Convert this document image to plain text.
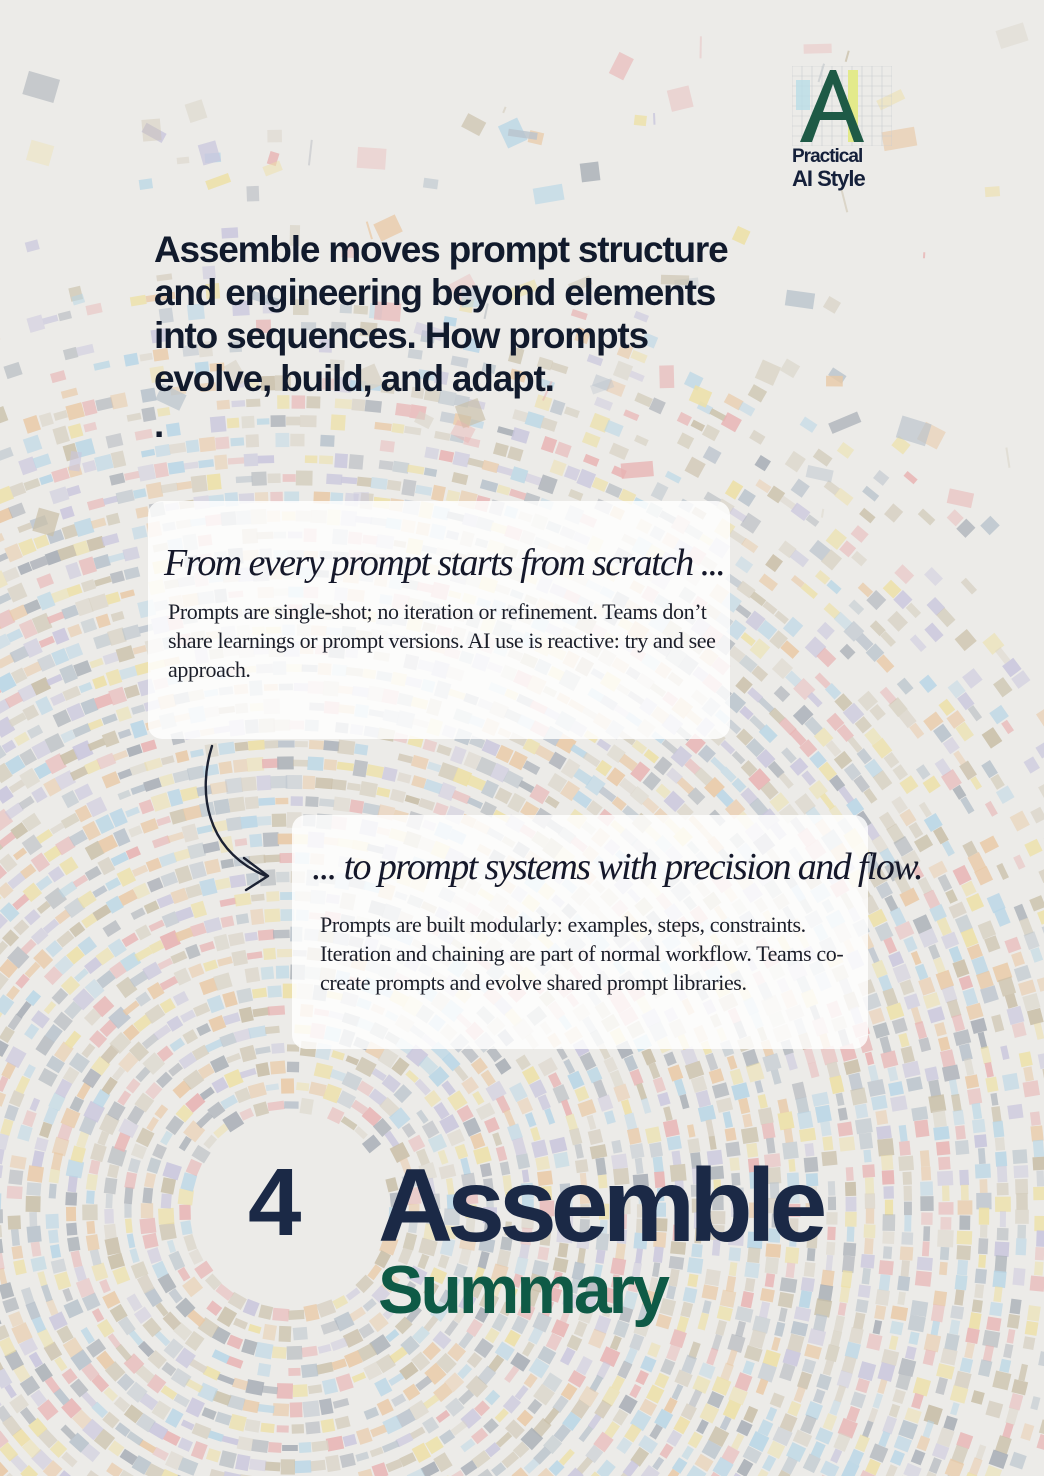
Practical
AI Style

Assemble moves prompt structure and engineering beyond elements into sequences. How prompts evolve, build, and adapt.

.
From every prompt starts from scratch ...

Prompts are single-shot; no iteration or refinement. Teams don’t share learnings or prompt versions. AI use is reactive: try and see approach.

... to prompt systems with precision and flow.

Prompts are built modularly: examples, steps, constraints. Iteration and chaining are part of normal workflow. Teams co-create prompts and evolve shared prompt libraries.

4 Assemble
Summary
